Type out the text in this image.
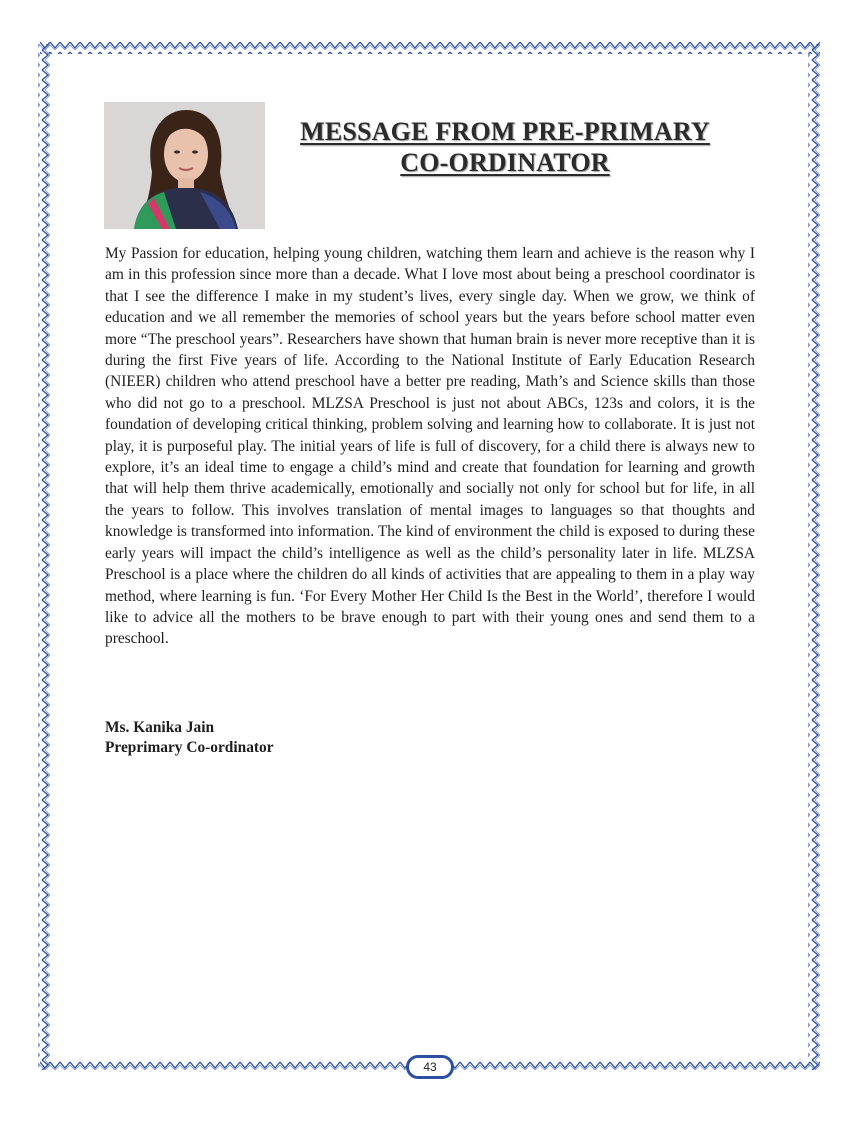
MESSAGE FROM PRE-PRIMARY
CO-ORDINATOR

My Passion for education, helping young children, watching them learn and achieve is the reason why I am in this profession since more than a decade. What I love most about being a preschool coordinator is that I see the difference I make in my student’s lives, every single day. When we grow, we think of education and we all remember the memories of school years but the years before school matter even more “The preschool years”. Researchers have shown that human brain is never more receptive than it is during the first Five years of life. According to the National Institute of Early Education Research (NIEER) children who attend preschool have a better pre reading, Math’s and Science skills than those who did not go to a preschool. MLZSA Preschool is just not about ABCs, 123s and colors, it is the foundation of developing critical thinking, problem solving and learning how to collaborate. It is just not play, it is purposeful play. The initial years of life is full of discovery, for a child there is always new to explore, it’s an ideal time to engage a child’s mind and create that foundation for learning and growth that will help them thrive academically, emotionally and socially not only for school but for life, in all the years to follow. This involves translation of mental images to languages so that thoughts and knowledge is transformed into information. The kind of environment the child is exposed to during these early years will impact the child’s intelligence as well as the child’s personality later in life. MLZSA Preschool is a place where the children do all kinds of activities that are appealing to them in a play way method, where learning is fun. ‘For Every Mother Her Child Is the Best in the World’, therefore I would like to advice all the mothers to be brave enough to part with their young ones and send them to a preschool.

Ms. Kanika Jain
Preprimary Co-ordinator
43
